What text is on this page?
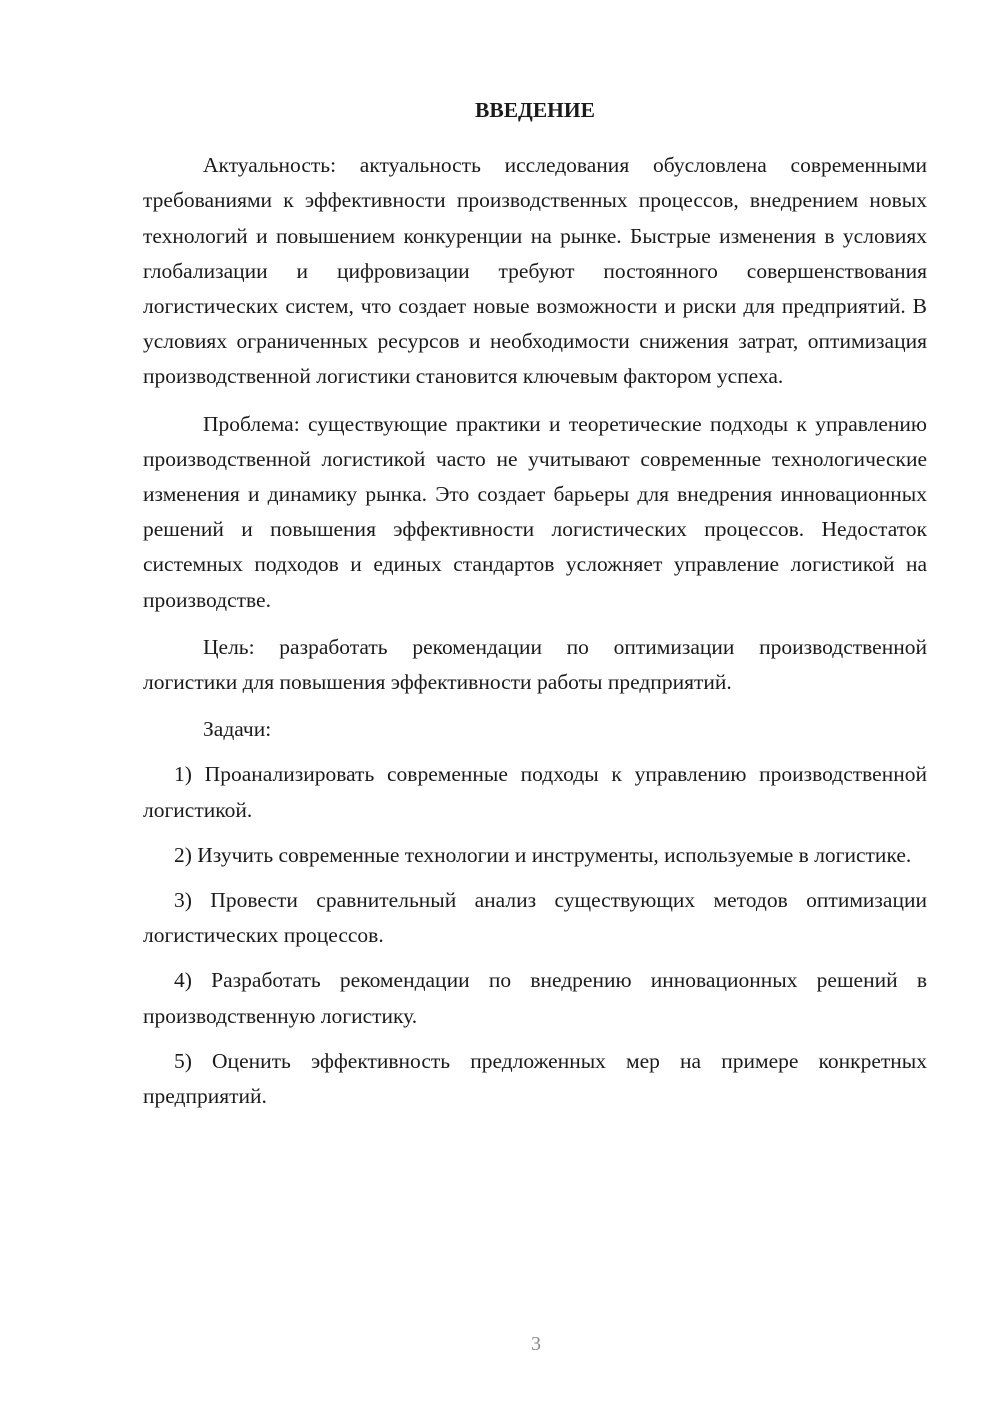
ВВЕДЕНИЕ

Актуальность: актуальность исследования обусловлена современными требованиями к эффективности производственных процессов, внедрением новых технологий и повышением конкуренции на рынке. Быстрые изменения в условиях глобализации и цифровизации требуют постоянного совершенствования логистических систем, что создает новые возможности и риски для предприятий. В условиях ограниченных ресурсов и необходимости снижения затрат, оптимизация производственной логистики становится ключевым фактором успеха.

Проблема: существующие практики и теоретические подходы к управлению производственной логистикой часто не учитывают современные технологические изменения и динамику рынка. Это создает барьеры для внедрения инновационных решений и повышения эффективности логистических процессов. Недостаток системных подходов и единых стандартов усложняет управление логистикой на производстве.

Цель: разработать рекомендации по оптимизации производственной логистики для повышения эффективности работы предприятий.

Задачи:

1) Проанализировать современные подходы к управлению производственной логистикой.

2) Изучить современные технологии и инструменты, используемые в логистике.

3) Провести сравнительный анализ существующих методов оптимизации логистических процессов.

4) Разработать рекомендации по внедрению инновационных решений в производственную логистику.

5) Оценить эффективность предложенных мер на примере конкретных предприятий.

3
